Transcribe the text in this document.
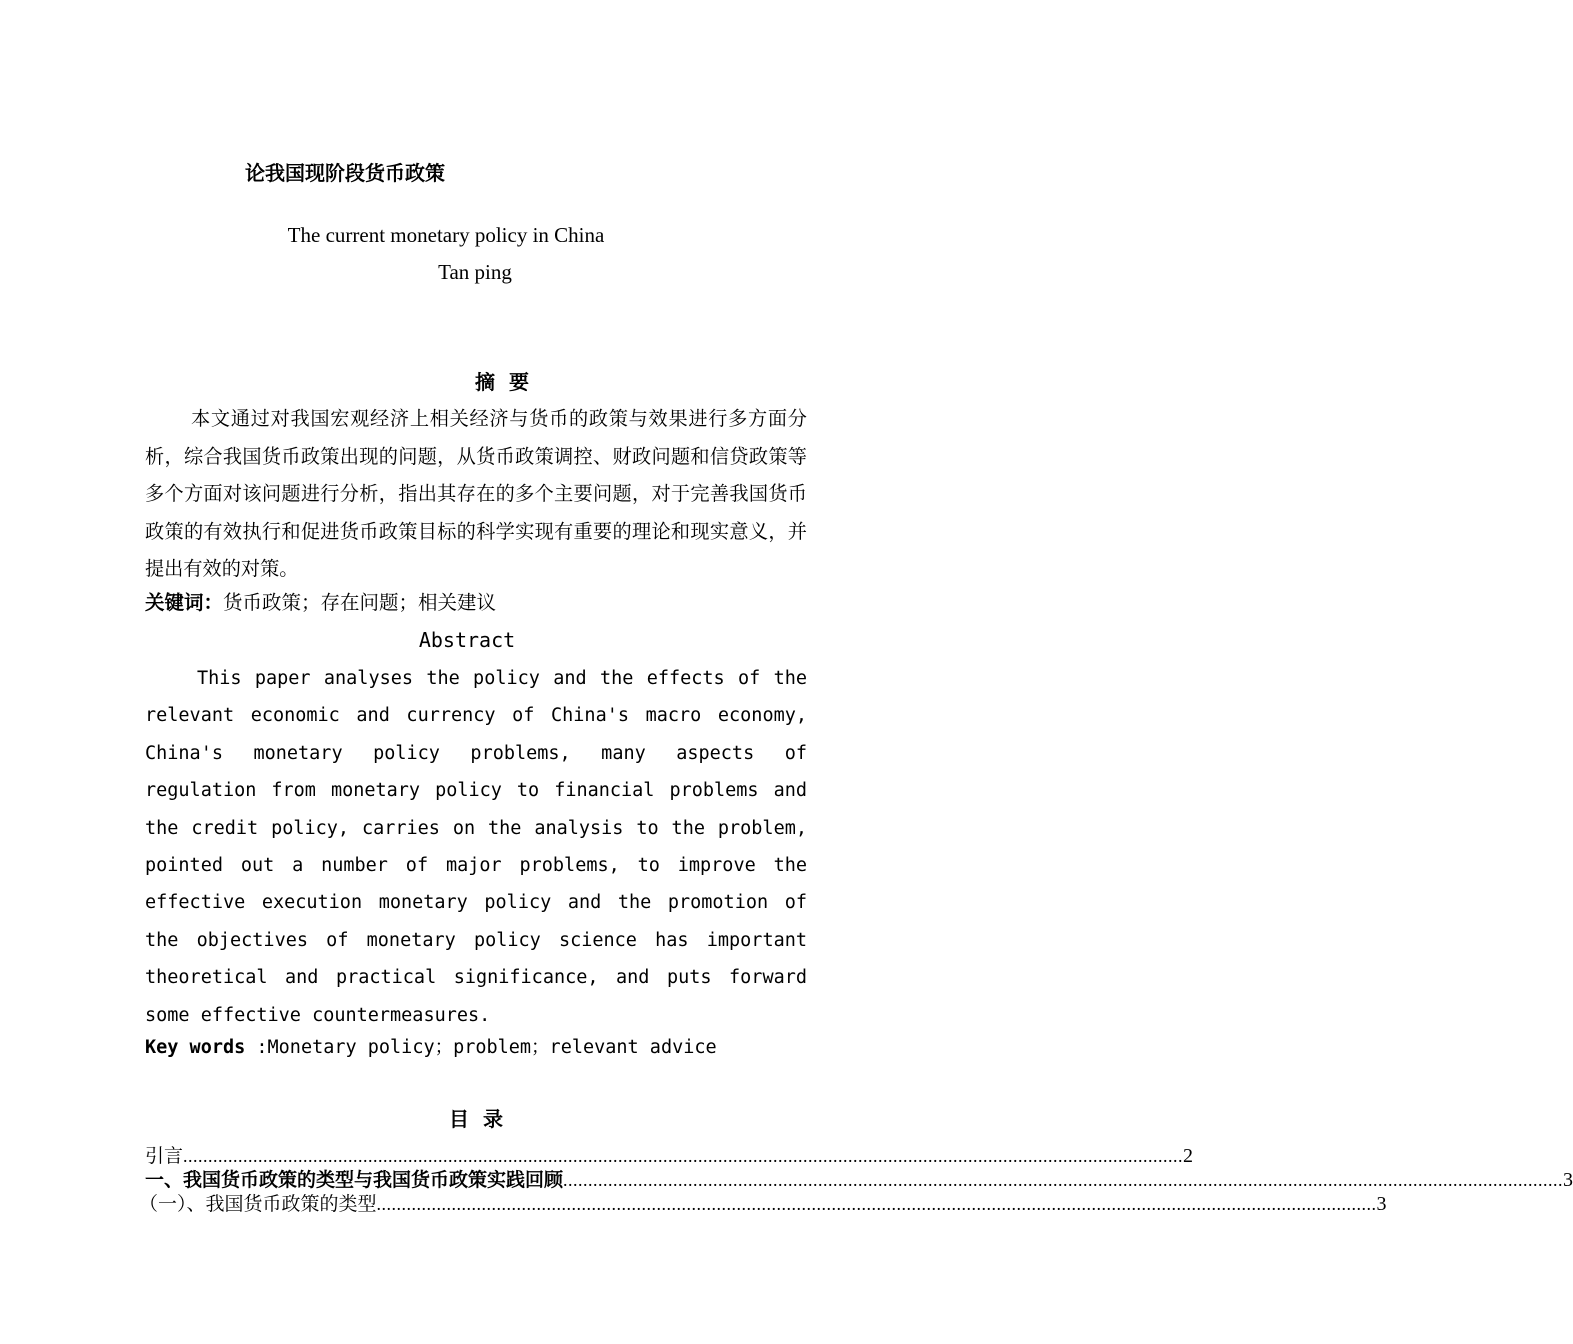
论我国现阶段货币政策
The current monetary policy in China
Tan ping
摘  要

本文通过对我国宏观经济上相关经济与货币的政策与效果进行多方面分析，综合我国货币政策出现的问题，从货币政策调控、财政问题和信贷政策等多个方面对该问题进行分析，指出其存在的多个主要问题，对于完善我国货币政策的有效执行和促进货币政策目标的科学实现有重要的理论和现实意义，并提出有效的对策。

关键词：货币政策；存在问题；相关建议
Abstract

This paper analyses the policy and the effects of the relevant economic and currency of China's macro economy, China's monetary policy problems, many aspects of regulation from monetary policy to financial problems and the credit policy, carries on the analysis to the problem, pointed out a number of major problems, to improve the effective execution monetary policy and the promotion of the objectives of monetary policy science has important theoretical and practical significance, and puts forward some effective countermeasures.

Key words :Monetary policy；problem；relevant advice
目  录
引言 ........................................................................................................................................................................................................ 2
一、我国货币政策的类型与我国货币政策实践回顾 ........................................................................................................................................................................................................ 3
（一）、我国货币政策的类型 ........................................................................................................................................................................................................ 3
